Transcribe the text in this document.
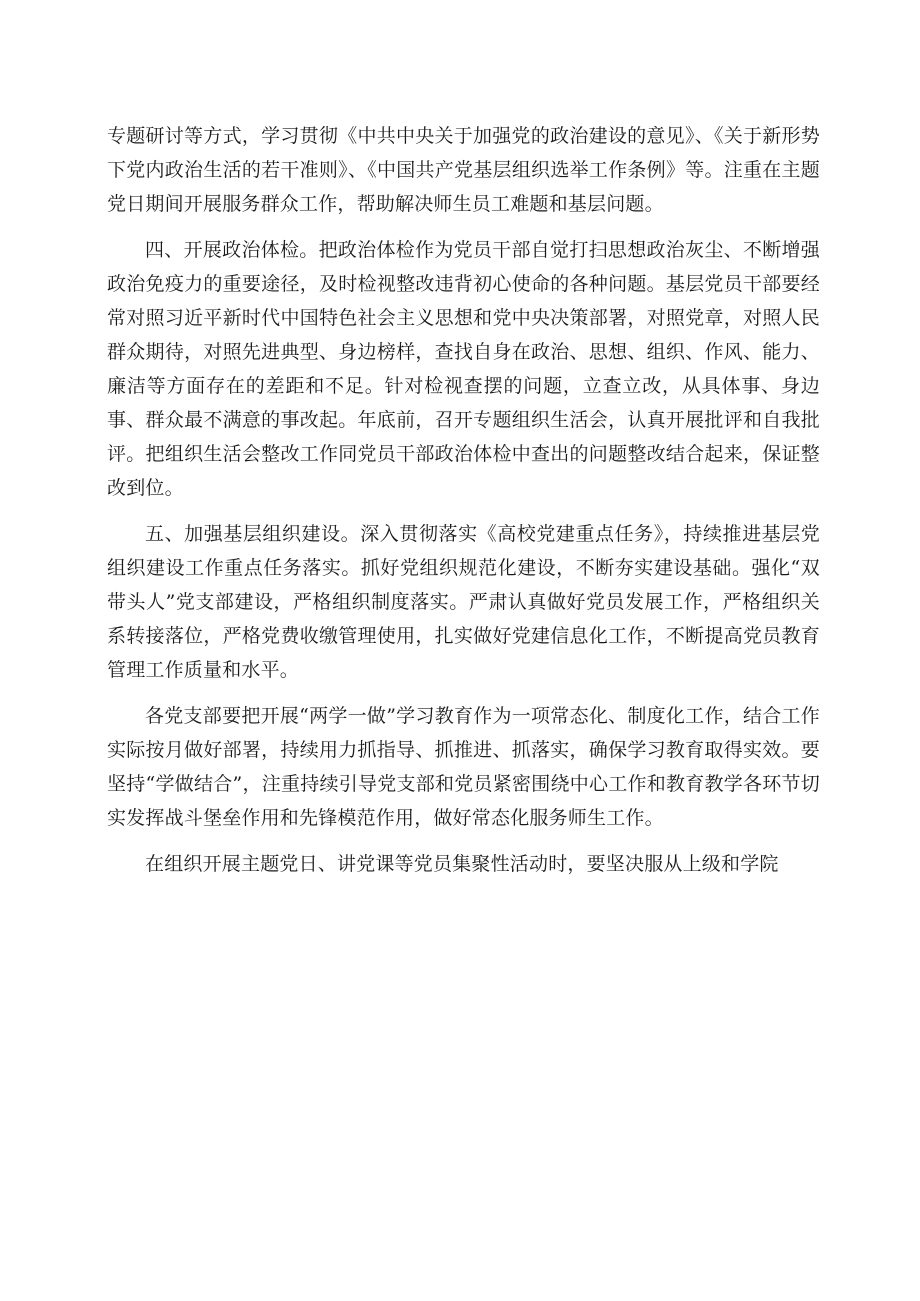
专题研讨等方式，学习贯彻《中共中央关于加强党的政治建设的意见》、《关于新形势下党内政治生活的若干准则》、《中国共产党基层组织选举工作条例》等。注重在主题党日期间开展服务群众工作，帮助解决师生员工难题和基层问题。

四、开展政治体检。把政治体检作为党员干部自觉打扫思想政治灰尘、不断增强政治免疫力的重要途径，及时检视整改违背初心使命的各种问题。基层党员干部要经常对照习近平新时代中国特色社会主义思想和党中央决策部署，对照党章，对照人民群众期待，对照先进典型、身边榜样，查找自身在政治、思想、组织、作风、能力、廉洁等方面存在的差距和不足。针对检视查摆的问题，立查立改，从具体事、身边事、群众最不满意的事改起。年底前，召开专题组织生活会，认真开展批评和自我批评。把组织生活会整改工作同党员干部政治体检中查出的问题整改结合起来，保证整改到位。

五、加强基层组织建设。深入贯彻落实《高校党建重点任务》，持续推进基层党组织建设工作重点任务落实。抓好党组织规范化建设，不断夯实建设基础。强化“双带头人”党支部建设，严格组织制度落实。严肃认真做好党员发展工作，严格组织关系转接落位，严格党费收缴管理使用，扎实做好党建信息化工作，不断提高党员教育管理工作质量和水平。

各党支部要把开展“两学一做”学习教育作为一项常态化、制度化工作，结合工作实际按月做好部署，持续用力抓指导、抓推进、抓落实，确保学习教育取得实效。要坚持“学做结合”，注重持续引导党支部和党员紧密围绕中心工作和教育教学各环节切实发挥战斗堡垒作用和先锋模范作用，做好常态化服务师生工作。

在组织开展主题党日、讲党课等党员集聚性活动时，要坚决服从上级和学院
